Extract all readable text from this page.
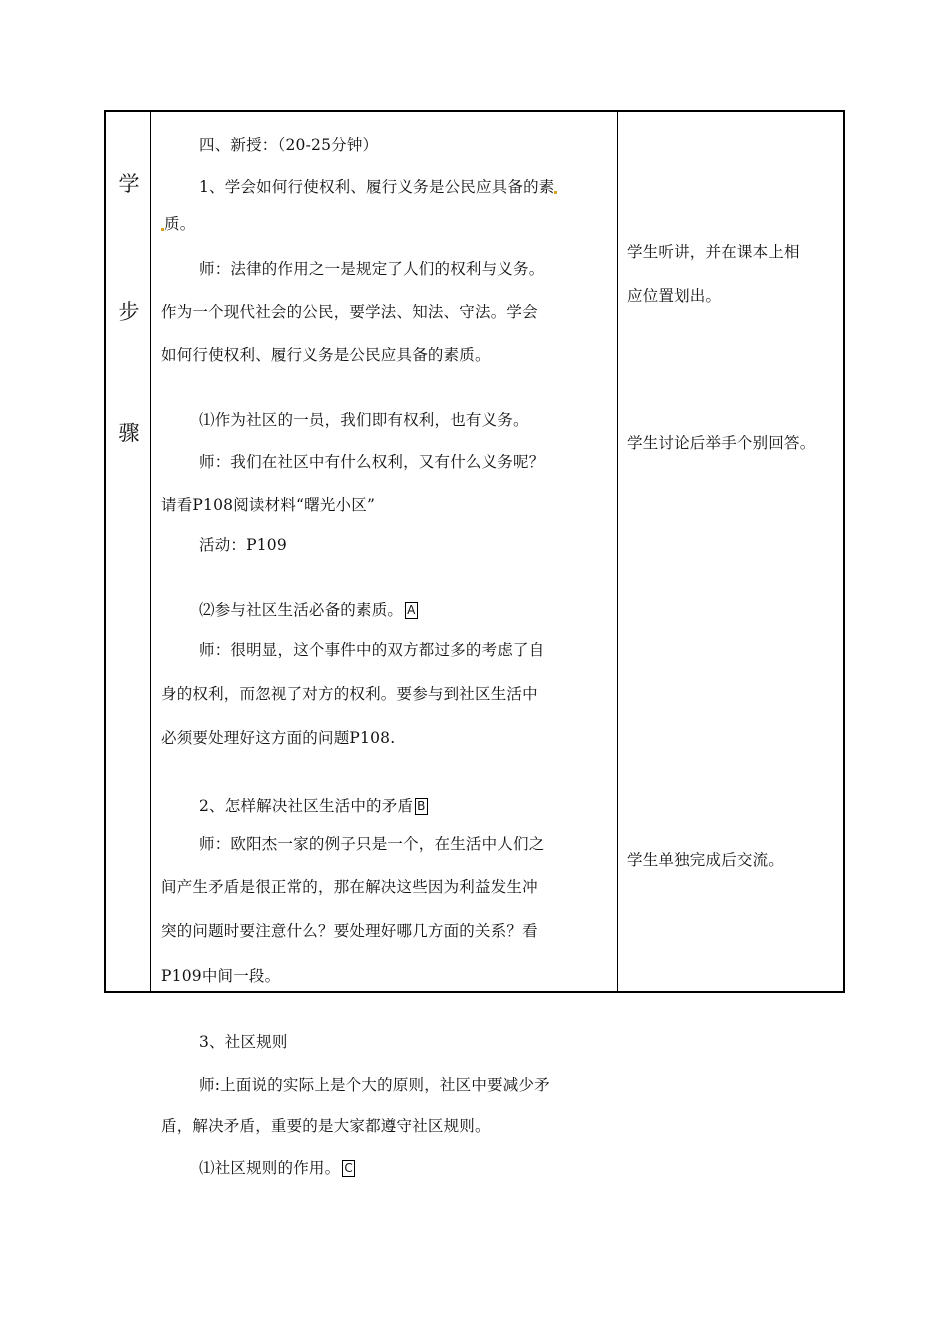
学
步
骤
四、新授：（20-25分钟）
1、学会如何行使权利、履行义务是公民应具备的素
质。
师：法律的作用之一是规定了人们的权利与义务。
作为一个现代社会的公民，要学法、知法、守法。学会
如何行使权利、履行义务是公民应具备的素质。
⑴作为社区的一员，我们即有权利，也有义务。
师：我们在社区中有什么权利，又有什么义务呢？
请看P108阅读材料“曙光小区”
活动：P109
⑵参与社区生活必备的素质。 A
师：很明显，这个事件中的双方都过多的考虑了自
身的权利，而忽视了对方的权利。要参与到社区生活中
必须要处理好这方面的问题P108.
2、怎样解决社区生活中的矛盾 B
师：欧阳杰一家的例子只是一个，在生活中人们之
间产生矛盾是很正常的，那在解决这些因为利益发生冲
突的问题时要注意什么？要处理好哪几方面的关系？看
P109中间一段。
3、社区规则
师:上面说的实际上是个大的原则，社区中要减少矛
盾，解决矛盾，重要的是大家都遵守社区规则。
⑴社区规则的作用。 C
学生听讲，并在课本上相
应位置划出。
学生讨论后举手个别回答。
学生单独完成后交流。
